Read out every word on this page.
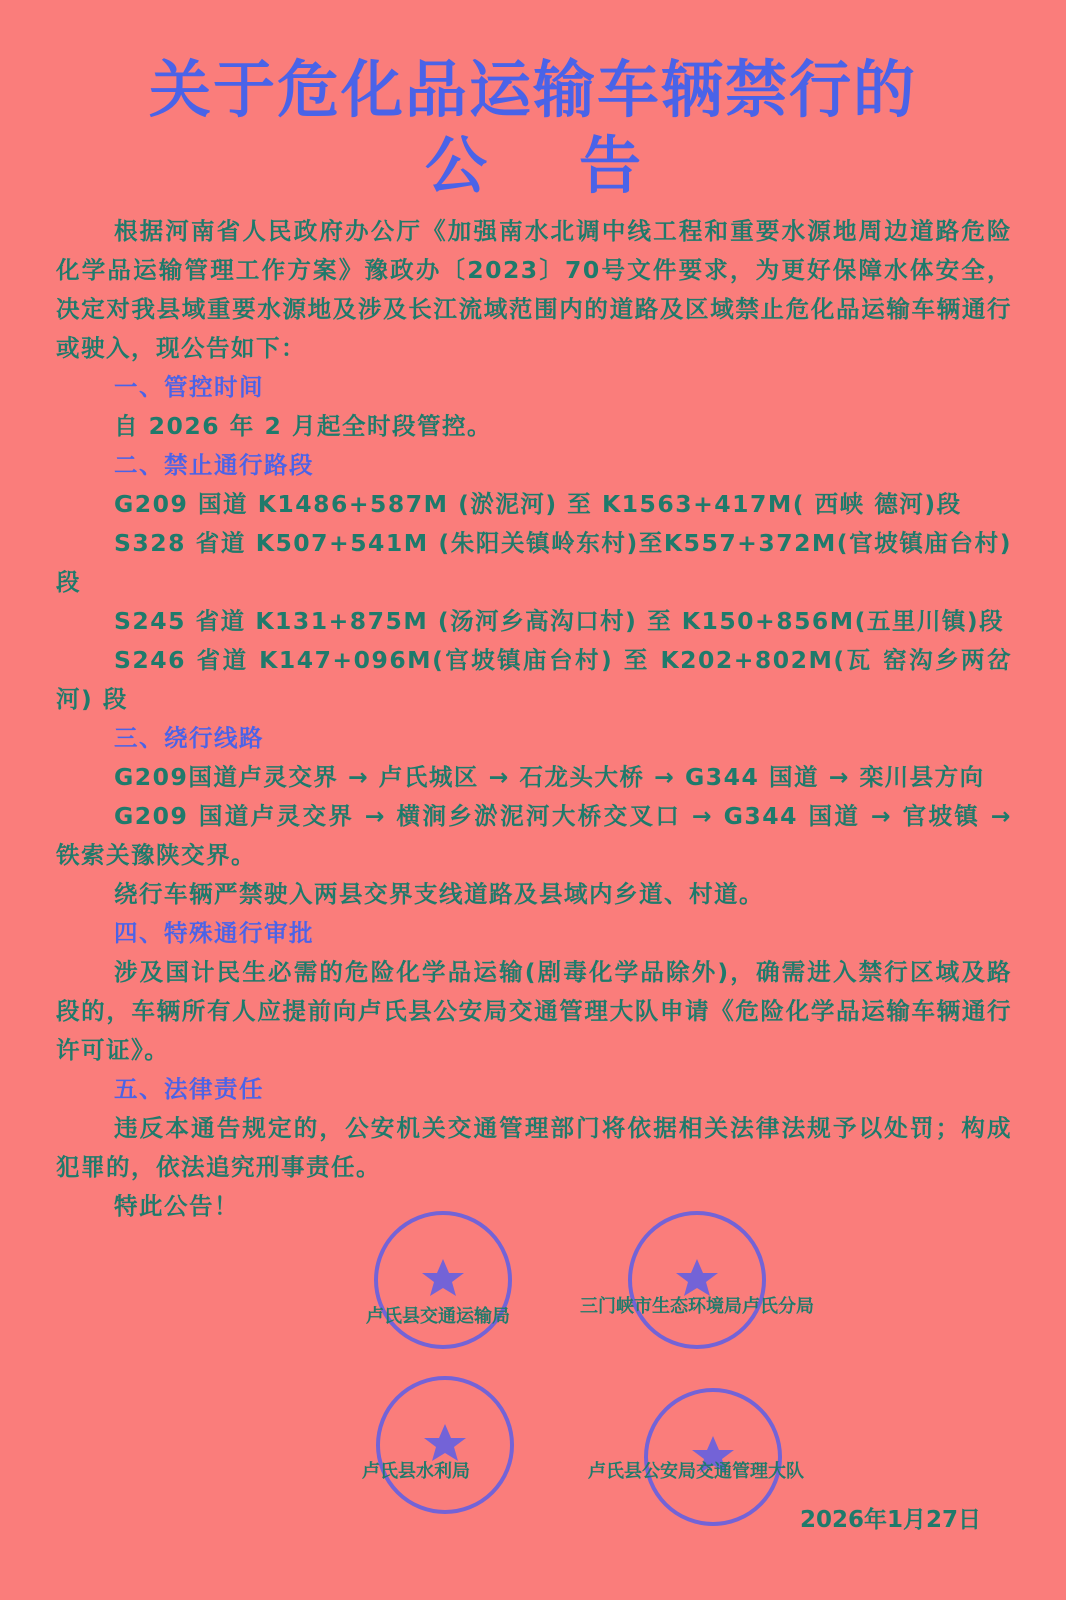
关于危化品运输车辆禁行的
公告

根据河南省人民政府办公厅《加强南水北调中线工程和重要水源地周边道路危险化学品运输管理工作方案》豫政办〔2023〕70号文件要求，为更好保障水体安全，决定对我县域重要水源地及涉及长江流域范围内的道路及区域禁止危化品运输车辆通行或驶入，现公告如下：

一、管控时间

自 2026 年 2 月起全时段管控。

二、禁止通行路段

G209 国道 K1486+587M (淤泥河) 至 K1563+417M( 西峡 德河)段

S328 省道 K507+541M (朱阳关镇岭东村)至K557+372M(官坡镇庙台村)段

S245 省道 K131+875M (汤河乡高沟口村) 至 K150+856M(五里川镇)段

S246 省道 K147+096M(官坡镇庙台村) 至 K202+802M(瓦 窑沟乡两岔河) 段

三、绕行线路

G209国道卢灵交界 → 卢氏城区 → 石龙头大桥 → G344 国道 → 栾川县方向

G209 国道卢灵交界 → 横涧乡淤泥河大桥交叉口 → G344 国道 → 官坡镇 → 铁索关豫陕交界。

绕行车辆严禁驶入两县交界支线道路及县域内乡道、村道。

四、特殊通行审批

涉及国计民生必需的危险化学品运输(剧毒化学品除外)，确需进入禁行区域及路段的，车辆所有人应提前向卢氏县公安局交通管理大队申请《危险化学品运输车辆通行许可证》。

五、法律责任

违反本通告规定的，公安机关交通管理部门将依据相关法律法规予以处罚；构成犯罪的，依法追究刑事责任。

特此公告！

卢氏县交通运输局	三门峡市生态环境局卢氏分局
卢氏县水利局	卢氏县公安局交通管理大队
2026年1月27日
